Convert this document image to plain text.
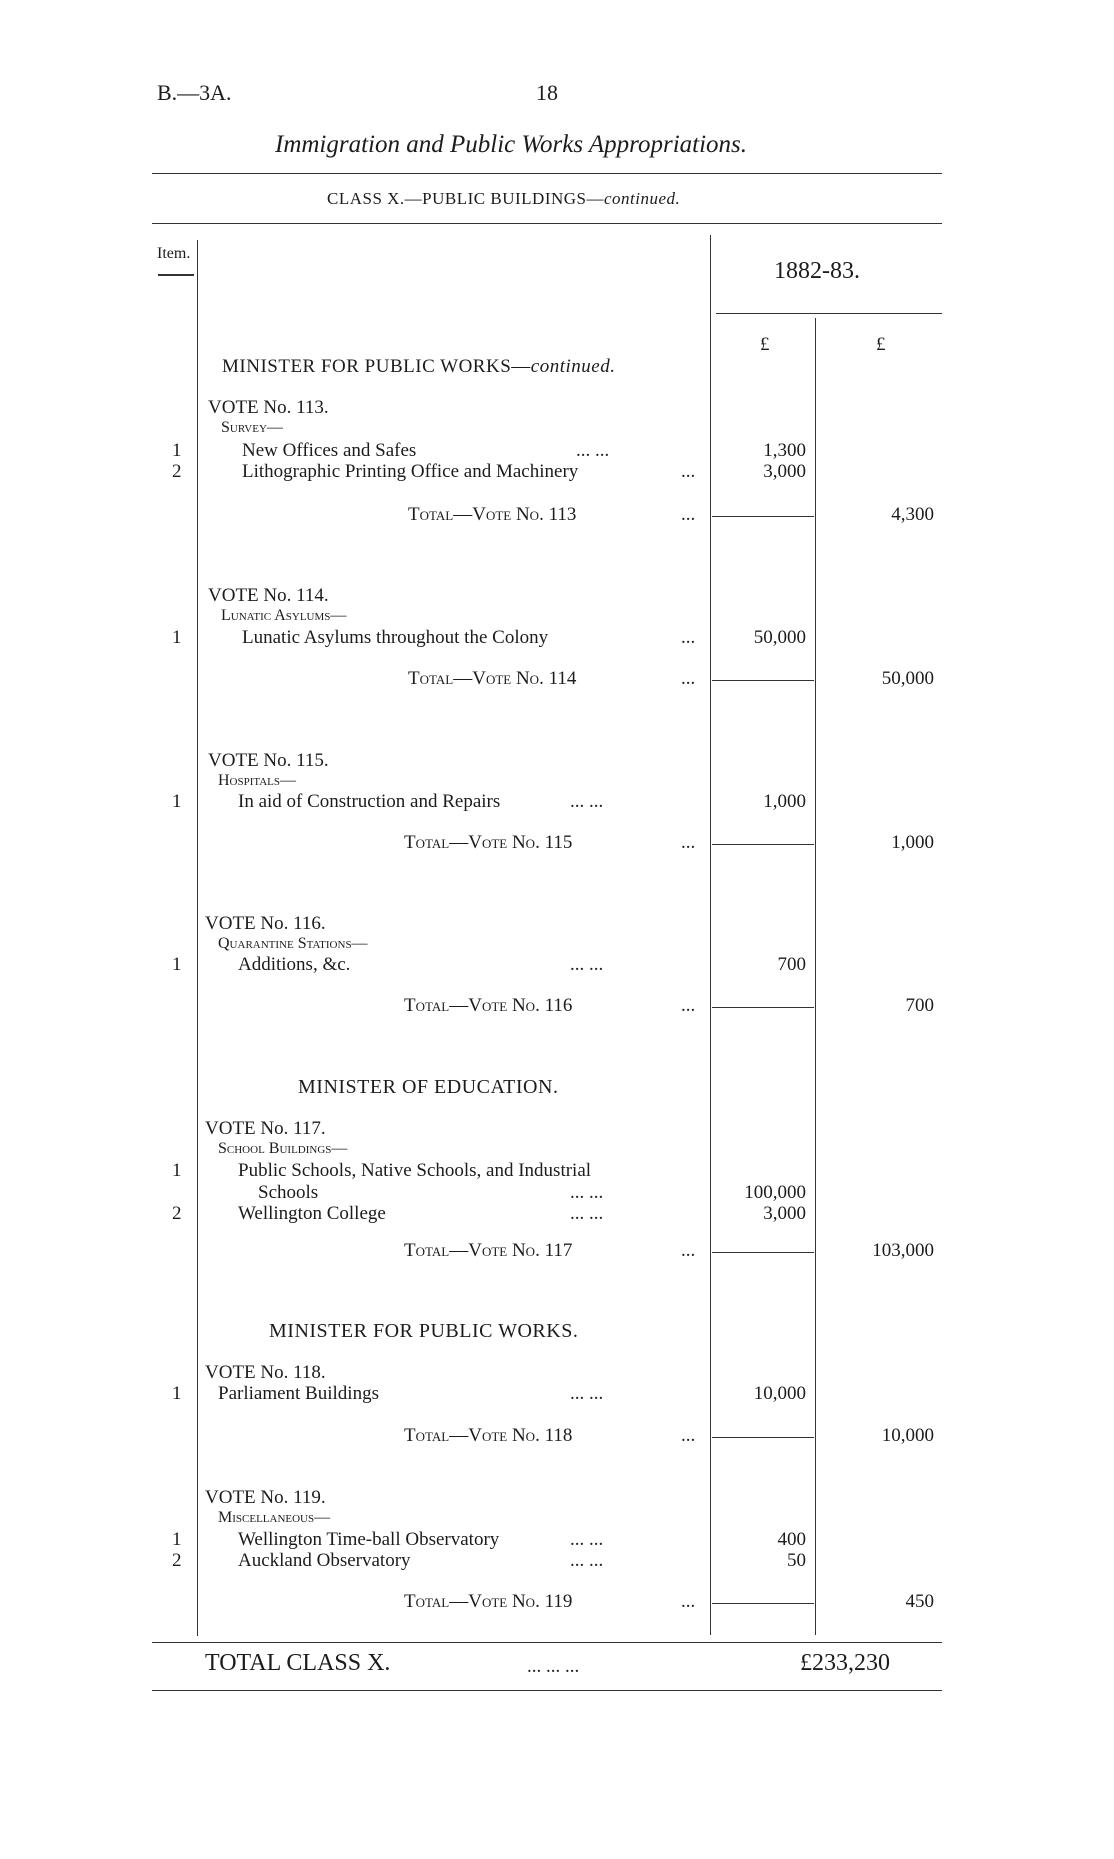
B.—3A.	18
Immigration and Public Works Appropriations.
CLASS X.—PUBLIC BUILDINGS—continued.
Item.
1882-83.
£	£
MINISTER FOR PUBLIC WORKS—continued.
VOTE No. 113.
Survey—
1	New Offices and Safes	... ...	1,300
2	Lithographic Printing Office and Machinery	...	3,000
Total—Vote No. 113	...	4,300
VOTE No. 114.
Lunatic Asylums—
1	Lunatic Asylums throughout the Colony	...	50,000
Total—Vote No. 114	...	50,000
VOTE No. 115.
Hospitals—
1	In aid of Construction and Repairs	... ...	1,000
Total—Vote No. 115	...	1,000
VOTE No. 116.
Quarantine Stations—
1	Additions, &c.	... ...	700
Total—Vote No. 116	...	700
MINISTER OF EDUCATION.
VOTE No. 117.
School Buildings—
1	Public Schools, Native Schools, and Industrial
Schools	... ...	100,000
2	Wellington College	... ...	3,000
Total—Vote No. 117	...	103,000
MINISTER FOR PUBLIC WORKS.
VOTE No. 118.
1 Parliament Buildings	... ...	10,000
Total—Vote No. 118	...	10,000
VOTE No. 119.
Miscellaneous—
1	Wellington Time-ball Observatory	... ...	400
2	Auckland Observatory	... ...	50
Total—Vote No. 119	...	450
TOTAL CLASS X.	... ... ...	£233,230
